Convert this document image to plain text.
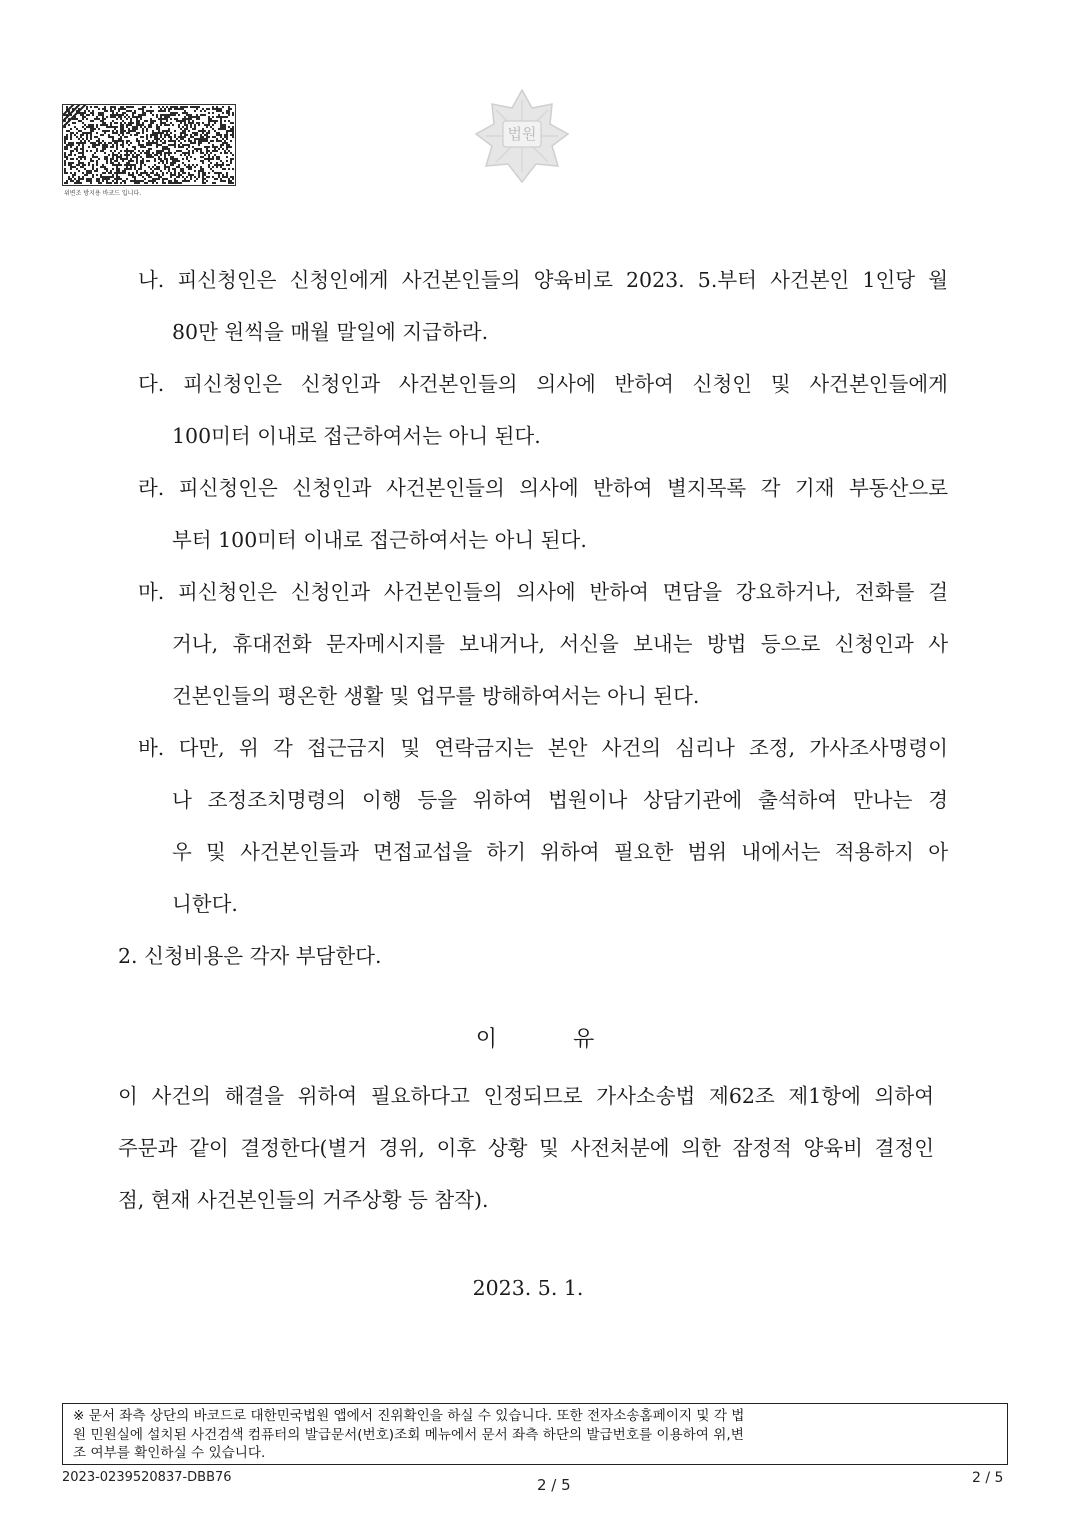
위변조 방지용 바코드 입니다.
법원
나. 피신청인은 신청인에게 사건본인들의 양육비로 2023. 5.부터 사건본인 1인당 월
80만 원씩을 매월 말일에 지급하라.
다. 피신청인은 신청인과 사건본인들의 의사에 반하여 신청인 및 사건본인들에게
100미터 이내로 접근하여서는 아니 된다.
라. 피신청인은 신청인과 사건본인들의 의사에 반하여 별지목록 각 기재 부동산으로
부터 100미터 이내로 접근하여서는 아니 된다.
마. 피신청인은 신청인과 사건본인들의 의사에 반하여 면담을 강요하거나, 전화를 걸
거나, 휴대전화 문자메시지를 보내거나, 서신을 보내는 방법 등으로 신청인과 사
건본인들의 평온한 생활 및 업무를 방해하여서는 아니 된다.
바. 다만, 위 각 접근금지 및 연락금지는 본안 사건의 심리나 조정, 가사조사명령이
나 조정조치명령의 이행 등을 위하여 법원이나 상담기관에 출석하여 만나는 경
우 및 사건본인들과 면접교섭을 하기 위하여 필요한 범위 내에서는 적용하지 아
니한다.
2. 신청비용은 각자 부담한다.
이	유
이 사건의 해결을 위하여 필요하다고 인정되므로 가사소송법 제62조 제1항에 의하여
주문과 같이 결정한다(별거 경위, 이후 상황 및 사전처분에 의한 잠정적 양육비 결정인
점, 현재 사건본인들의 거주상황 등 참작).
2023. 5. 1.
※ 문서 좌측 상단의 바코드로 대한민국법원 앱에서 진위확인을 하실 수 있습니다. 또한 전자소송홈페이지 및 각 법
원 민원실에 설치된 사건검색 컴퓨터의 발급문서(번호)조회 메뉴에서 문서 좌측 하단의 발급번호를 이용하여 위,변
조 여부를 확인하실 수 있습니다.
2023-0239520837-DBB76	2 / 5	2 / 5
